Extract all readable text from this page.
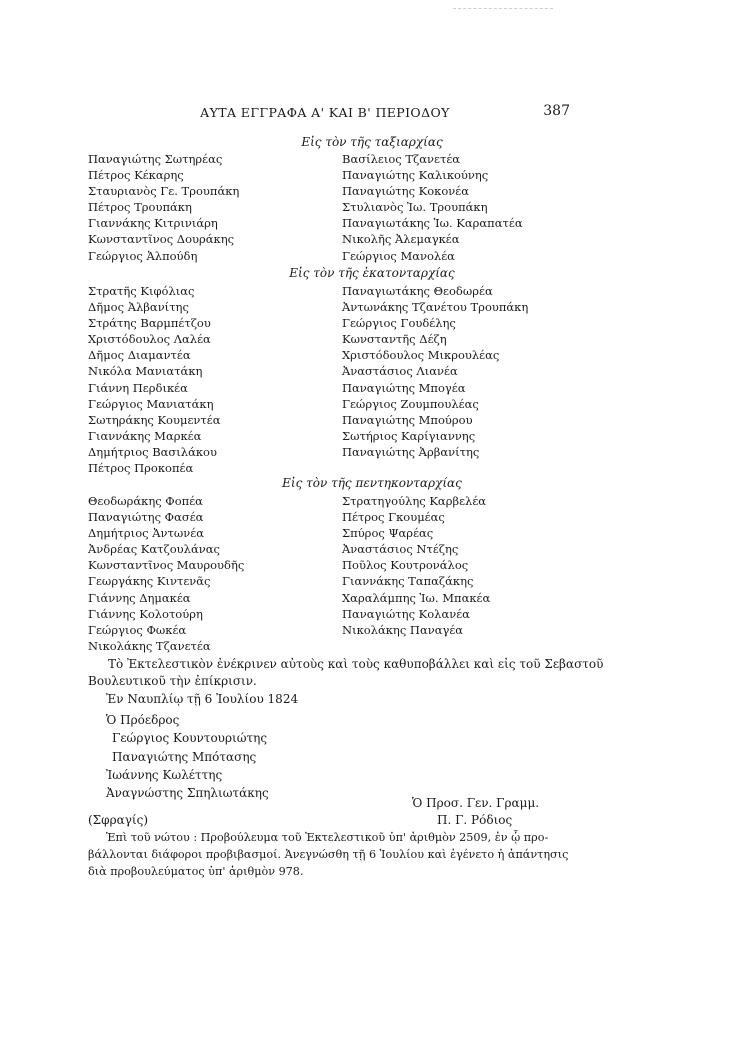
ΑΥΤΑ ΕΓΓΡΑΦΑ Α' ΚΑΙ Β' ΠΕΡΙΟΔΟΥ	387
Εἰς τὸν τῆς ταξιαρχίας
Παναγιώτης Σωτηρέας
Πέτρος Κέκαρης
Σταυριανὸς Γε. Τρουπάκη
Πέτρος Τρουπάκη
Γιαννάκης Κιτρινιάρη
Κωνσταντῖνος Δουράκης
Γεώργιος Ἀλπούδη
Βασίλειος Τζανετέα
Παναγιώτης Καλικούνης
Παναγιώτης Κοκονέα
Στυλιανὸς Ἰω. Τρουπάκη
Παναγιωτάκης Ἰω. Καραπατέα
Νικολῆς Ἀλεμαγκέα
Γεώργιος Μανολέα
Εἰς τὸν τῆς ἑκατονταρχίας
Στρατῆς Κιφόλιας
Δῆμος Ἀλβανίτης
Στράτης Βαρμπέτζου
Χριστόδουλος Λαλέα
Δῆμος Διαμαντέα
Νικόλα Μανιατάκη
Γιάννη Περδικέα
Γεώργιος Μανιατάκη
Σωτηράκης Κουμεντέα
Γιαννάκης Μαρκέα
Δημήτριος Βασιλάκου
Πέτρος Προκοπέα
Παναγιωτάκης Θεοδωρέα
Ἀντωνάκης Τζανέτου Τρουπάκη
Γεώργιος Γουδέλης
Κωνσταντῆς Δέζη
Χριστόδουλος Μικρουλέας
Ἀναστάσιος Λιανέα
Παναγιώτης Μπογέα
Γεώργιος Ζουμπουλέας
Παναγιώτης Μπούρου
Σωτήριος Καρίγιαννης
Παναγιώτης Ἀρβανίτης
Εἰς τὸν τῆς πεντηκονταρχίας
Θεοδωράκης Φοπέα
Παναγιώτης Φασέα
Δημήτριος Ἀντωνέα
Ἀνδρέας Κατζουλάνας
Κωνσταντῖνος Μαυρουδῆς
Γεωργάκης Κιντενᾶς
Γιάννης Δημακέα
Γιάννης Κολοτούρη
Γεώργιος Φωκέα
Νικολάκης Τζανετέα
Στρατηγούλης Καρβελέα
Πέτρος Γκουμέας
Σπύρος Ψαρέας
Ἀναστάσιος Ντέζης
Ποῦλος Κουτρονάλος
Γιαννάκης Ταπαζάκης
Χαραλάμπης Ἰω. Μπακέα
Παναγιώτης Κολανέα
Νικολάκης Παναγέα
Τὸ Ἐκτελεστικὸν ἐνέκρινεν αὐτοὺς καὶ τοὺς καθυποβάλλει καὶ εἰς τοῦ Σεβαστοῦ
Βουλευτικοῦ τὴν ἐπίκρισιν.
Ἐν Ναυπλίῳ τῇ 6 Ἰουλίου 1824
Ὁ Πρόεδρος
Γεώργιος Κουντουριώτης
Παναγιώτης Μπότασης
Ἰωάννης Κωλέττης
Ἀναγνώστης Σπηλιωτάκης
Ὁ Προσ. Γεν. Γραμμ.
(Σφραγίς)	Π. Γ. Ρόδιος
Ἐπὶ τοῦ νώτου : Προβούλευμα τοῦ Ἐκτελεστικοῦ ὑπ' ἀριθμὸν 2509, ἐν ᾧ προ-
βάλλονται διάφοροι προβιβασμοί. Ἀνεγνώσθη τῇ 6 Ἰουλίου καὶ ἐγένετο ἡ ἀπάντησις
διὰ προβουλεύματος ὑπ' ἀριθμὸν 978.
